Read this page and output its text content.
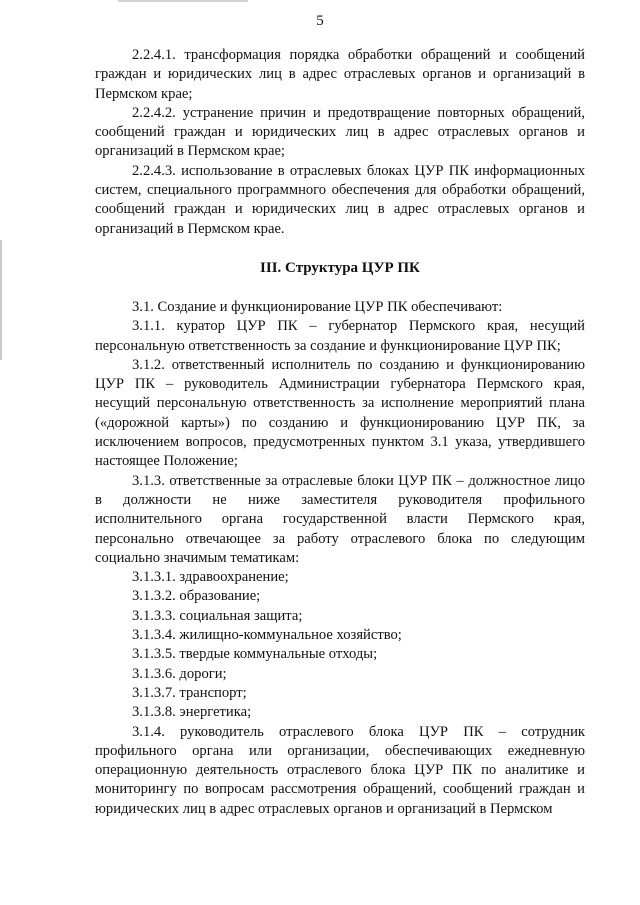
5

2.2.4.1. трансформация порядка обработки обращений и сообщений граждан и юридических лиц в адрес отраслевых органов и организаций в Пермском крае;

2.2.4.2. устранение причин и предотвращение повторных обращений, сообщений граждан и юридических лиц в адрес отраслевых органов и организаций в Пермском крае;

2.2.4.3. использование в отраслевых блоках ЦУР ПК информационных систем, специального программного обеспечения для обработки обращений, сообщений граждан и юридических лиц в адрес отраслевых органов и организаций в Пермском крае.

III. Структура ЦУР ПК

3.1. Создание и функционирование ЦУР ПК обеспечивают:

3.1.1. куратор ЦУР ПК – губернатор Пермского края, несущий персональную ответственность за создание и функционирование ЦУР ПК;

3.1.2. ответственный исполнитель по созданию и функционированию ЦУР ПК – руководитель Администрации губернатора Пермского края, несущий персональную ответственность за исполнение мероприятий плана («дорожной карты») по созданию и функционированию ЦУР ПК, за исключением вопросов, предусмотренных пунктом 3.1 указа, утвердившего настоящее Положение;

3.1.3. ответственные за отраслевые блоки ЦУР ПК – должностное лицо в должности не ниже заместителя руководителя профильного исполнительного органа государственной власти Пермского края, персонально отвечающее за работу отраслевого блока по следующим социально значимым тематикам:

3.1.3.1. здравоохранение;
3.1.3.2. образование;
3.1.3.3. социальная защита;
3.1.3.4. жилищно-коммунальное хозяйство;
3.1.3.5. твердые коммунальные отходы;
3.1.3.6. дороги;
3.1.3.7. транспорт;
3.1.3.8. энергетика;

3.1.4. руководитель отраслевого блока ЦУР ПК – сотрудник профильного органа или организации, обеспечивающих ежедневную операционную деятельность отраслевого блока ЦУР ПК по аналитике и мониторингу по вопросам рассмотрения обращений, сообщений граждан и юридических лиц в адрес отраслевых органов и организаций в Пермском
